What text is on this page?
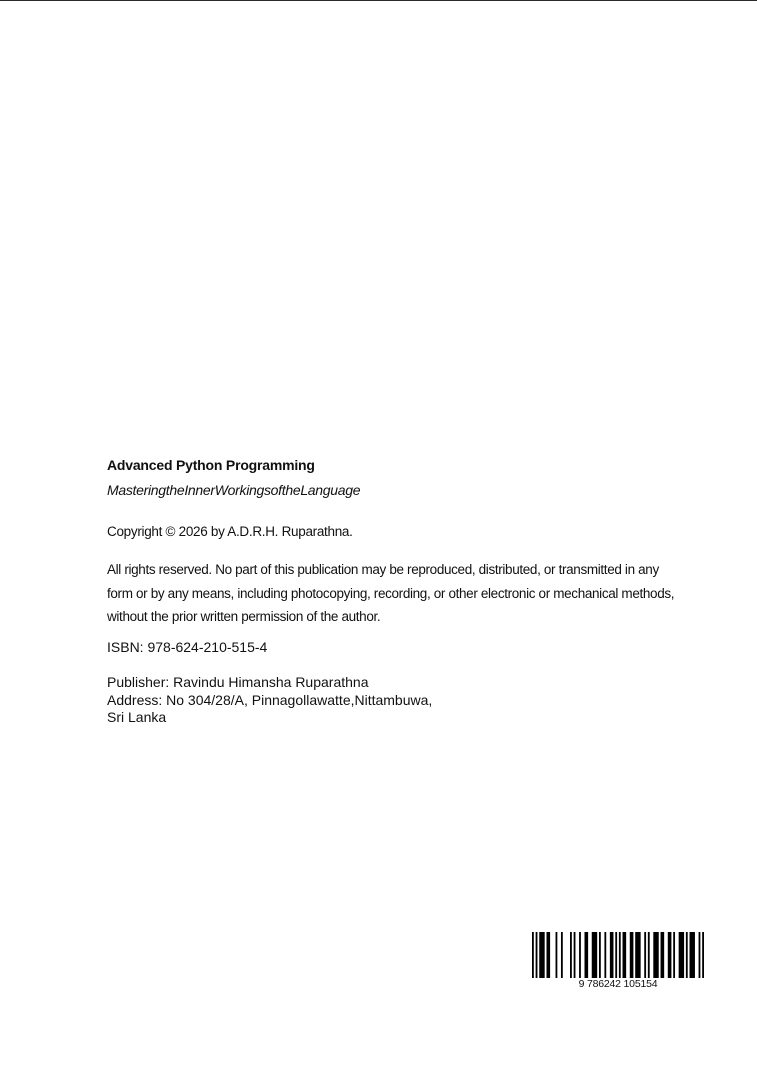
Advanced Python Programming
MasteringtheInnerWorkingsoftheLanguage
Copyright © 2026 by A.D.R.H. Ruparathna.
All rights reserved. No part of this publication may be reproduced, distributed, or transmitted in any form or by any means, including photocopying, recording, or other electronic or mechanical methods, without the prior written permission of the author.
ISBN: 978-624-210-515-4
Publisher: Ravindu Himansha Ruparathna
Address: No 304/28/A, Pinnagollawatte,Nittambuwa,
Sri Lanka
9 786242 105154
